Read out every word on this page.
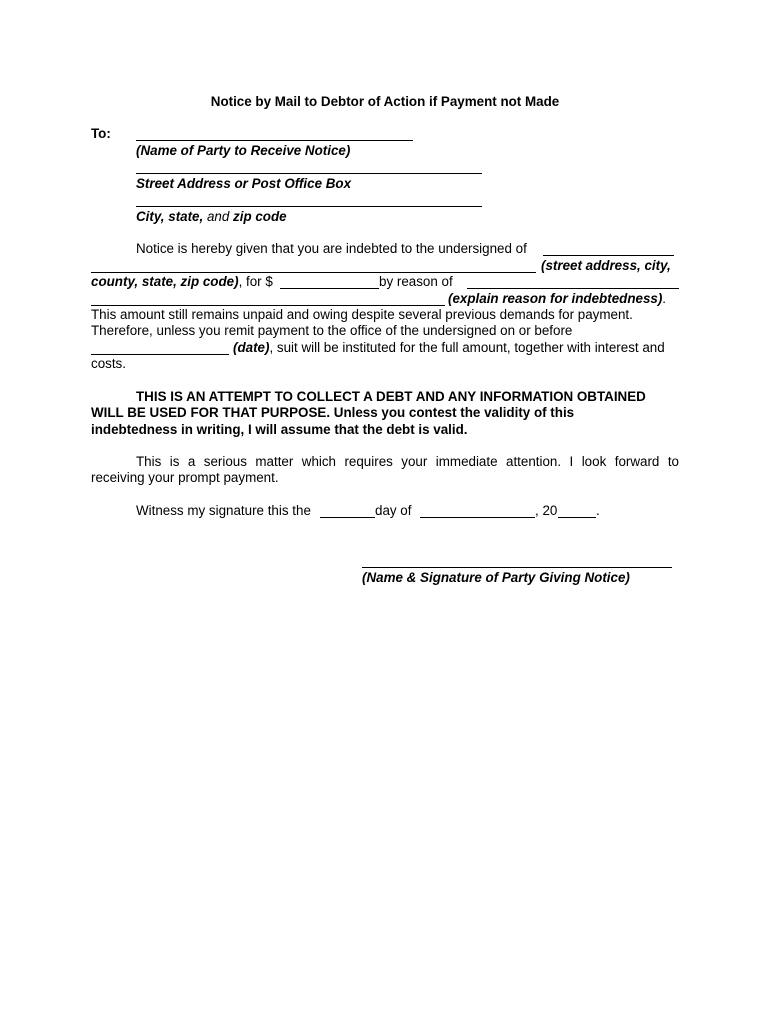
Notice by Mail to Debtor of Action if Payment not Made
To:
(Name of Party to Receive Notice)
Street Address or Post Office Box
City, state, and zip code
Notice is hereby given that you are indebted to the undersigned of
(street address, city,
county, state, zip code), for $	by reason of
(explain reason for indebtedness).
This amount still remains unpaid and owing despite several previous demands for payment.
Therefore, unless you remit payment to the office of the undersigned on or before
(date), suit will be instituted for the full amount, together with interest and
costs.
THIS IS AN ATTEMPT TO COLLECT A DEBT AND ANY INFORMATION OBTAINED
WILL BE USED FOR THAT PURPOSE. Unless you contest the validity of this
indebtedness in writing, I will assume that the debt is valid.
This is a serious matter which requires your immediate attention. I look forward to
receiving your prompt payment.
Witness my signature this the	day of	, 20	.
(Name & Signature of Party Giving Notice)
